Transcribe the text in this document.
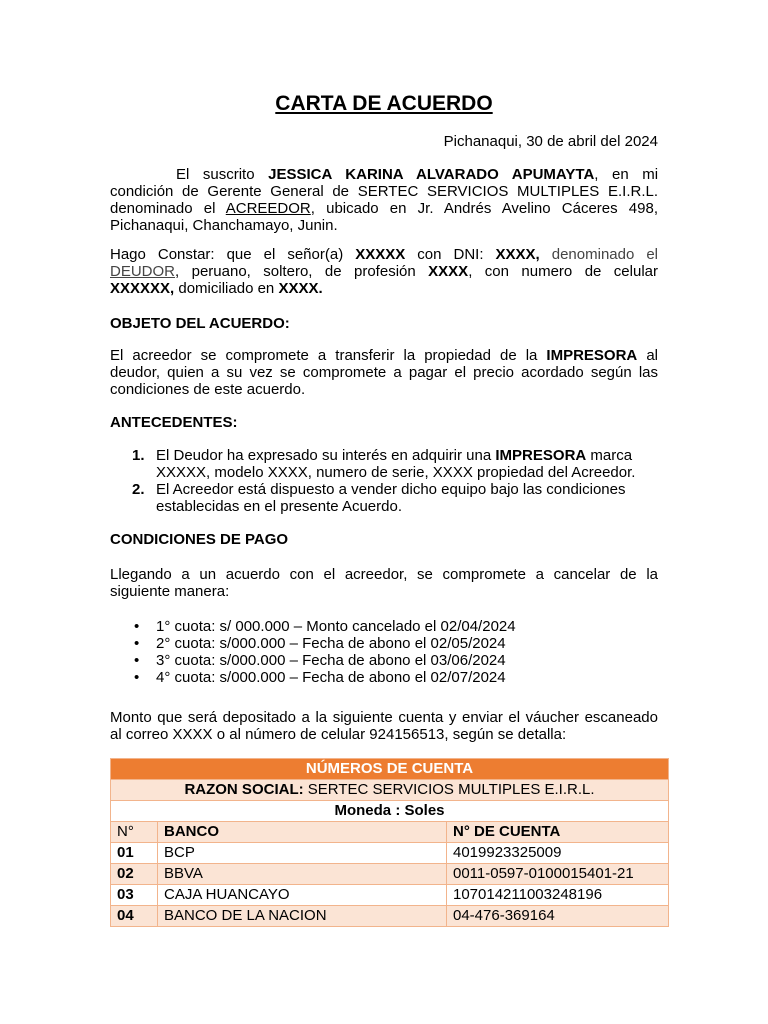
CARTA DE ACUERDO
Pichanaqui, 30 de abril del 2024
El suscrito JESSICA KARINA ALVARADO APUMAYTA, en mi
condición de Gerente General de SERTEC SERVICIOS MULTIPLES E.I.R.L.
denominado el ACREEDOR, ubicado en Jr. Andrés Avelino Cáceres 498,
Pichanaqui, Chanchamayo, Junin.
Hago Constar: que el señor(a) XXXXX con DNI: XXXX, denominado el
DEUDOR, peruano, soltero, de profesión XXXX, con numero de celular
XXXXXX, domiciliado en XXXX.
OBJETO DEL ACUERDO:
El acreedor se compromete a transferir la propiedad de la IMPRESORA al
deudor, quien a su vez se compromete a pagar el precio acordado según las
condiciones de este acuerdo.
ANTECEDENTES:
1. El Deudor ha expresado su interés en adquirir una IMPRESORA marca
XXXXX, modelo XXXX, numero de serie, XXXX propiedad del Acreedor.
2. El Acreedor está dispuesto a vender dicho equipo bajo las condiciones
establecidas en el presente Acuerdo.
CONDICIONES DE PAGO
Llegando a un acuerdo con el acreedor, se compromete a cancelar de la
siguiente manera:
• 1° cuota: s/ 000.000 – Monto cancelado el 02/04/2024
• 2° cuota: s/000.000 – Fecha de abono el 02/05/2024
• 3° cuota: s/000.000 – Fecha de abono el 03/06/2024
• 4° cuota: s/000.000 – Fecha de abono el 02/07/2024
Monto que será depositado a la siguiente cuenta y enviar el váucher escaneado
al correo XXXX o al número de celular 924156513, según se detalla:
NÚMEROS DE CUENTA		
RAZON SOCIAL: SERTEC SERVICIOS MULTIPLES E.I.R.L.		
Moneda : Soles		
N°	BANCO	N° DE CUENTA
01	BCP	4019923325009
02	BBVA	0011-0597-0100015401-21
03	CAJA HUANCAYO	107014211003248196
04	BANCO DE LA NACION	04-476-369164
